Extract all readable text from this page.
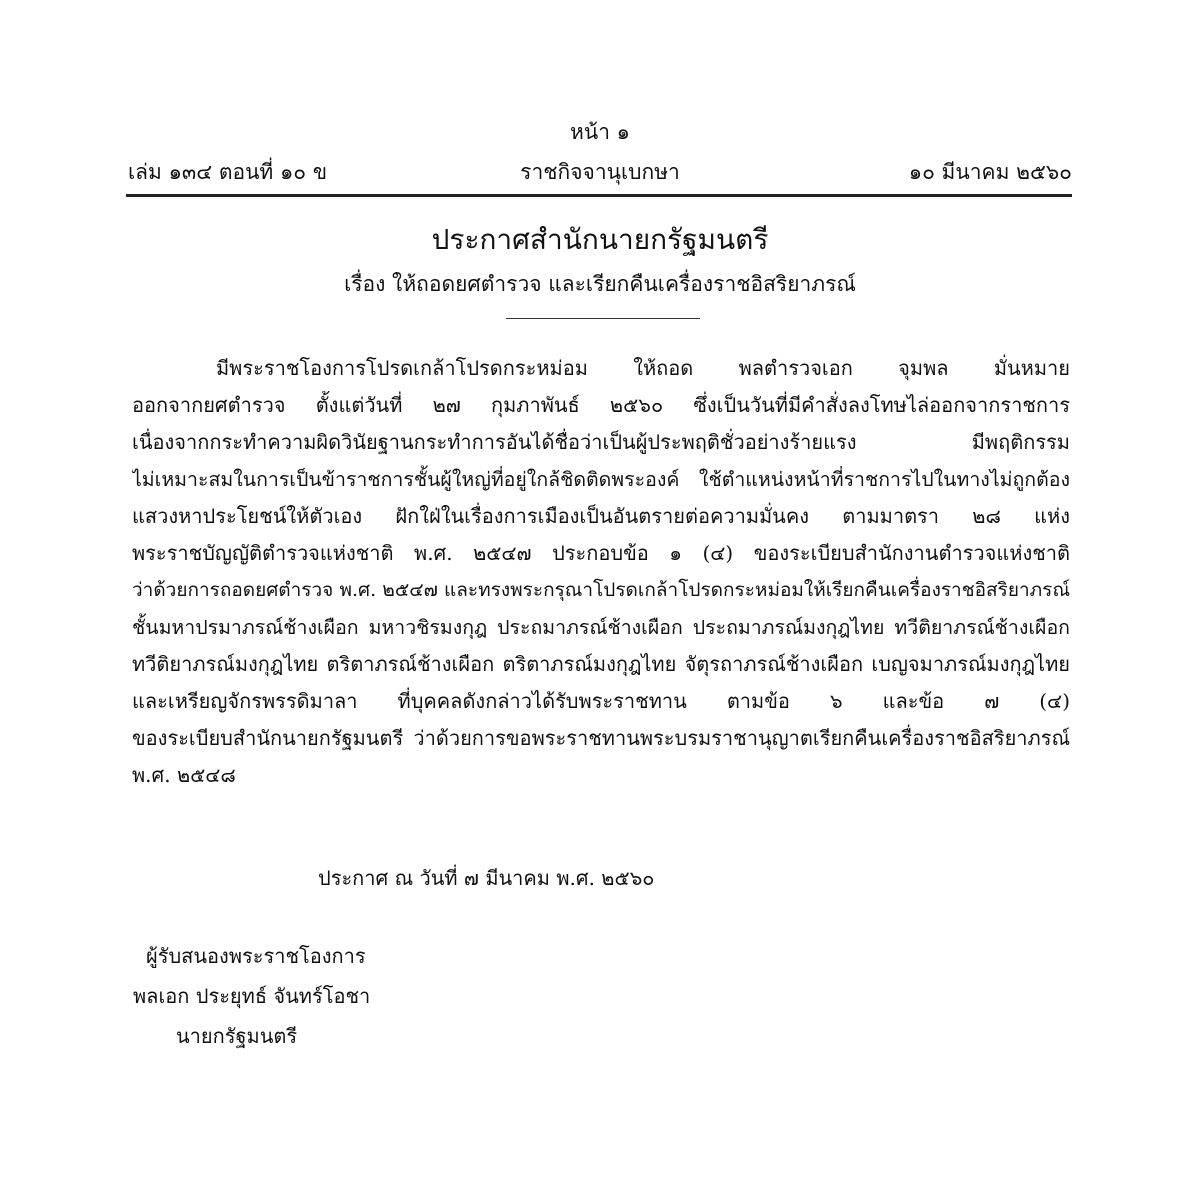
หน้า ๑
เล่ม ๑๓๔ ตอนที่ ๑๐ ข	ราชกิจจานุเบกษา	๑๐ มีนาคม ๒๕๖๐
ประกาศสำนักนายกรัฐมนตรี
เรื่อง ให้ถอดยศตำรวจ และเรียกคืนเครื่องราชอิสริยาภรณ์
มีพระราชโองการโปรดเกล้าโปรดกระหม่อม ให้ถอด พลตำรวจเอก จุมพล มั่นหมาย
ออกจากยศตำรวจ ตั้งแต่วันที่ ๒๗ กุมภาพันธ์ ๒๕๖๐ ซึ่งเป็นวันที่มีคำสั่งลงโทษไล่ออกจากราชการ
เนื่องจากกระทำความผิดวินัยฐานกระทำการอันได้ชื่อว่าเป็นผู้ประพฤติชั่วอย่างร้ายแรง มีพฤติกรรม
ไม่เหมาะสมในการเป็นข้าราชการชั้นผู้ใหญ่ที่อยู่ใกล้ชิดติดพระองค์ ใช้ตำแหน่งหน้าที่ราชการไปในทางไม่ถูกต้อง
แสวงหาประโยชน์ให้ตัวเอง ฝักใฝ่ในเรื่องการเมืองเป็นอันตรายต่อความมั่นคง ตามมาตรา ๒๘ แห่ง
พระราชบัญญัติตำรวจแห่งชาติ พ.ศ. ๒๕๔๗ ประกอบข้อ ๑ (๔) ของระเบียบสำนักงานตำรวจแห่งชาติ
ว่าด้วยการถอดยศตำรวจ พ.ศ. ๒๕๔๗ และทรงพระกรุณาโปรดเกล้าโปรดกระหม่อมให้เรียกคืนเครื่องราชอิสริยาภรณ์
ชั้นมหาปรมาภรณ์ช้างเผือก มหาวชิรมงกุฎ ประถมาภรณ์ช้างเผือก ประถมาภรณ์มงกุฎไทย ทวีติยาภรณ์ช้างเผือก
ทวีติยาภรณ์มงกุฎไทย ตริตาภรณ์ช้างเผือก ตริตาภรณ์มงกุฎไทย จัตุรถาภรณ์ช้างเผือก เบญจมาภรณ์มงกุฎไทย
และเหรียญจักรพรรดิมาลา ที่บุคคลดังกล่าวได้รับพระราชทาน ตามข้อ ๖ และข้อ ๗ (๔)
ของระเบียบสำนักนายกรัฐมนตรี ว่าด้วยการขอพระราชทานพระบรมราชานุญาตเรียกคืนเครื่องราชอิสริยาภรณ์
พ.ศ. ๒๕๔๘
ประกาศ ณ วันที่ ๗ มีนาคม พ.ศ. ๒๕๖๐
ผู้รับสนองพระราชโองการ
พลเอก ประยุทธ์ จันทร์โอชา
นายกรัฐมนตรี
